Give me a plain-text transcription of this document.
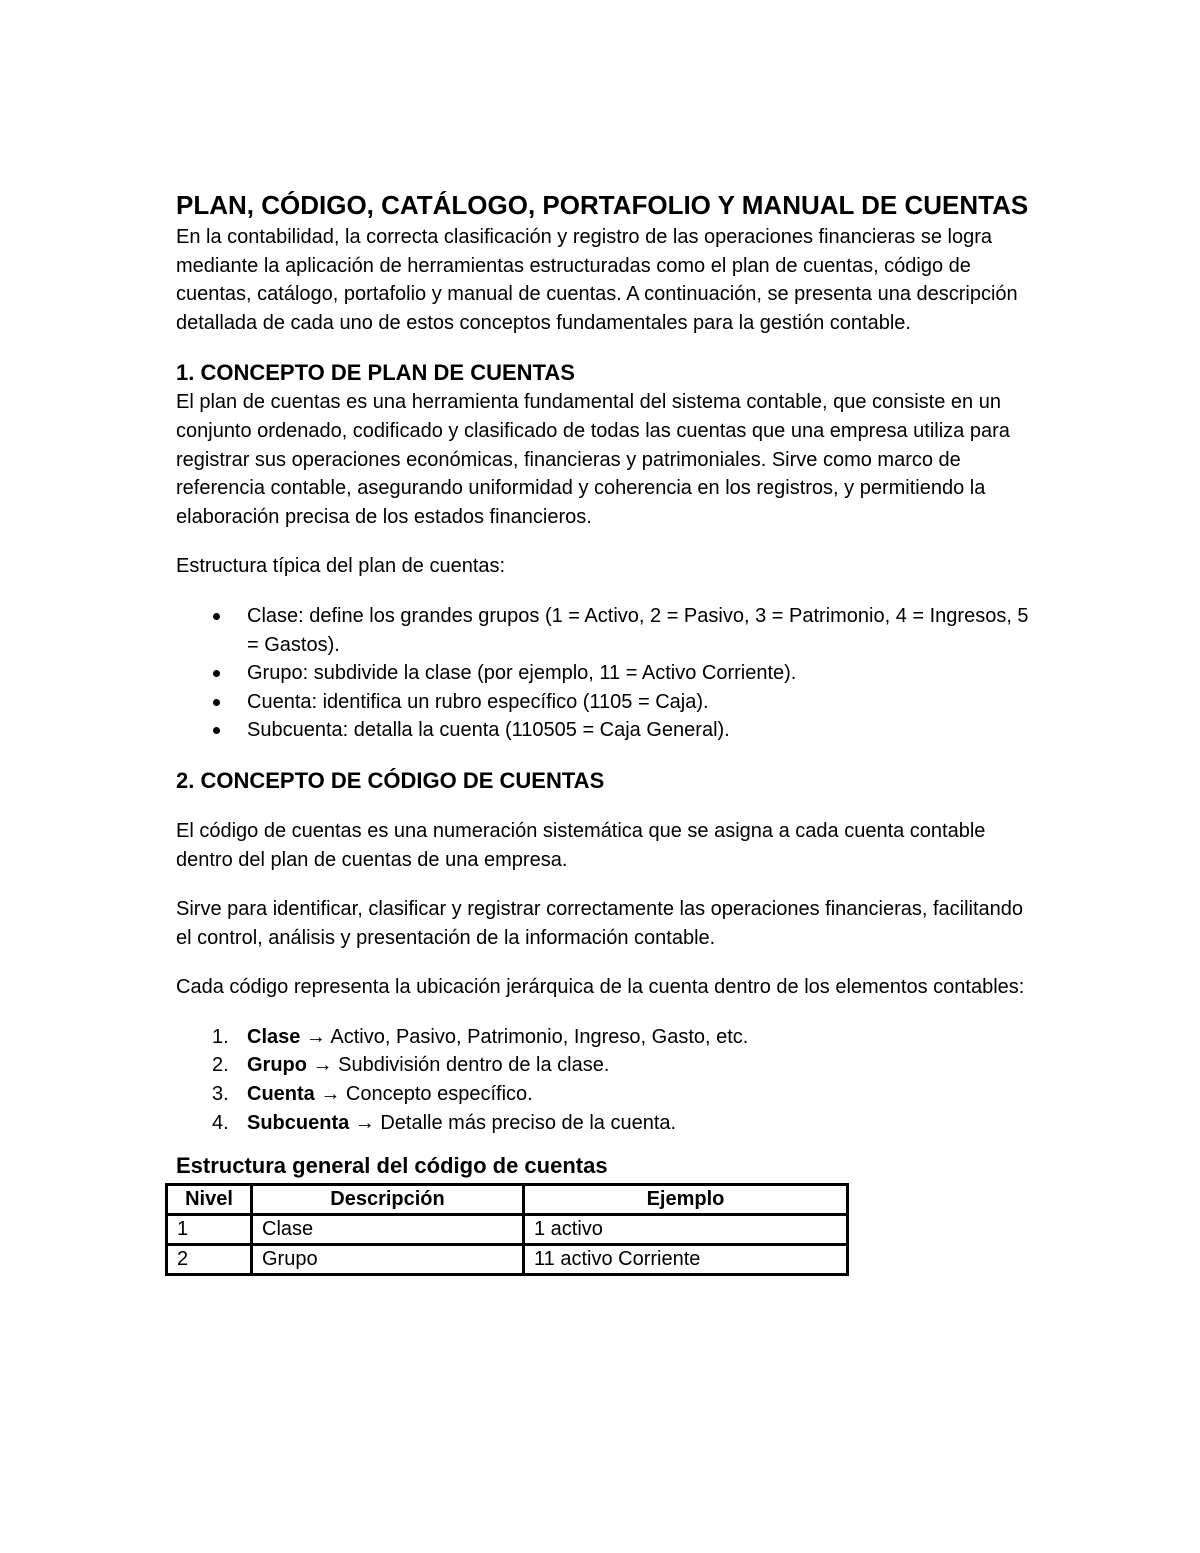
PLAN, CÓDIGO, CATÁLOGO, PORTAFOLIO Y MANUAL DE CUENTAS

En la contabilidad, la correcta clasificación y registro de las operaciones financieras se logra mediante la aplicación de herramientas estructuradas como el plan de cuentas, código de cuentas, catálogo, portafolio y manual de cuentas. A continuación, se presenta una descripción detallada de cada uno de estos conceptos fundamentales para la gestión contable.

1. CONCEPTO DE PLAN DE CUENTAS

El plan de cuentas es una herramienta fundamental del sistema contable, que consiste en un conjunto ordenado, codificado y clasificado de todas las cuentas que una empresa utiliza para registrar sus operaciones económicas, financieras y patrimoniales. Sirve como marco de referencia contable, asegurando uniformidad y coherencia en los registros, y permitiendo la elaboración precisa de los estados financieros.

Estructura típica del plan de cuentas:

Clase: define los grandes grupos (1 = Activo, 2 = Pasivo, 3 = Patrimonio, 4 = Ingresos, 5 = Gastos).
Grupo: subdivide la clase (por ejemplo, 11 = Activo Corriente).
Cuenta: identifica un rubro específico (1105 = Caja).
Subcuenta: detalla la cuenta (110505 = Caja General).
2. CONCEPTO DE CÓDIGO DE CUENTAS

El código de cuentas es una numeración sistemática que se asigna a cada cuenta contable dentro del plan de cuentas de una empresa.

Sirve para identificar, clasificar y registrar correctamente las operaciones financieras, facilitando el control, análisis y presentación de la información contable.

Cada código representa la ubicación jerárquica de la cuenta dentro de los elementos contables:

1. Clase → Activo, Pasivo, Patrimonio, Ingreso, Gasto, etc.
2. Grupo → Subdivisión dentro de la clase.
3. Cuenta → Concepto específico.
4. Subcuenta → Detalle más preciso de la cuenta.
Estructura general del código de cuentas
Nivel	Descripción	Ejemplo
1	Clase	1 activo
2	Grupo	11 activo Corriente
